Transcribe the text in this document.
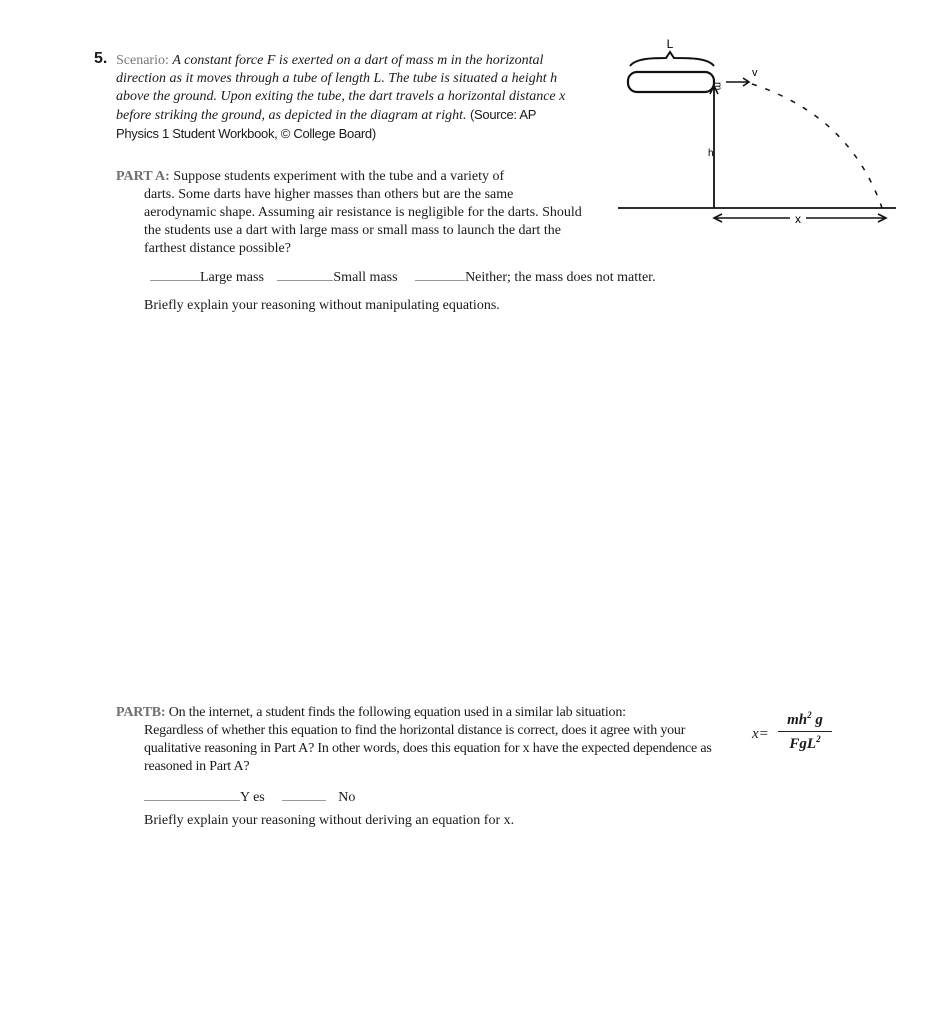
5. Scenario: A constant force F is exerted on a dart of mass m in the horizontal direction as it moves through a tube of length L. The tube is situated a height h above the ground. Upon exiting the tube, the dart travels a horizontal distance x before striking the ground, as depicted in the diagram at right. (Source: AP Physics 1 Student Workbook, © College Board)
L
m
v
h
x
PART A: Suppose students experiment with the tube and a variety of
darts. Some darts have higher masses than others but are the same aerodynamic shape. Assuming air resistance is negligible for the darts. Should the students use a dart with large mass or small mass to launch the dart the farthest distance possible?
Large mass	Small mass	Neither; the mass does not matter.
Briefly explain your reasoning without manipulating equations.
PARTB: On the internet, a student finds the following equation used in a similar lab situation:
Regardless of whether this equation to find the horizontal distance is correct, does it agree with your qualitative reasoning in Part A? In other words, does this equation for x have the expected dependence as reasoned in Part A?
x=
$mh^2$ g
FgL$^2$
Y es	No
Briefly explain your reasoning without deriving an equation for x.
